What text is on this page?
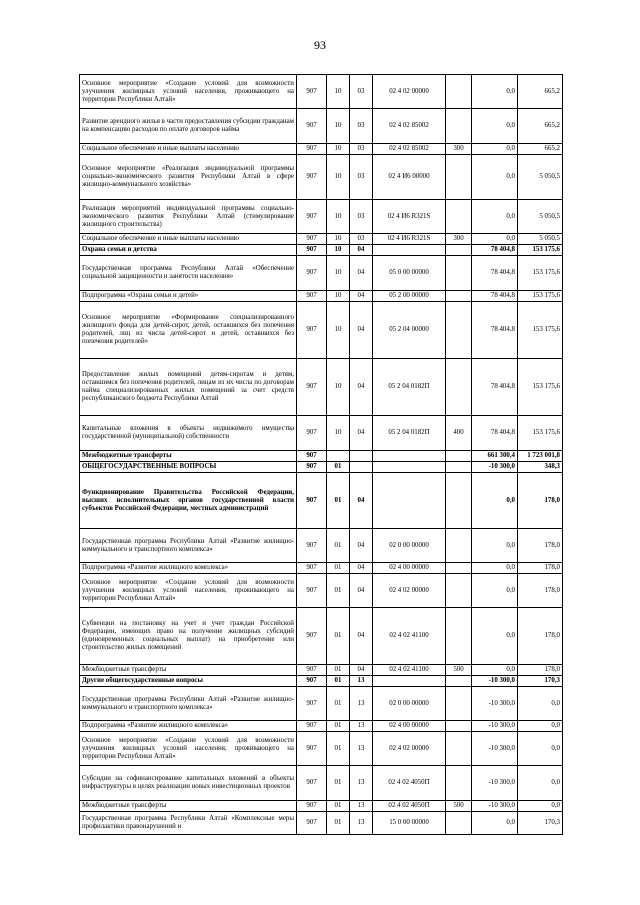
93
Основное мероприятие «Создание условий для возможности улучшения жилищных условий населения, проживающего на территории Республики Алтай»	907	10	03	02 4 02 00000		0,0	665,2
Развитие арендного жилья в части предоставления субсидии гражданам на компенсацию расходов по оплате договоров найма	907	10	03	02 4 02 85002		0,0	665,2
Социальное обеспечение и иные выплаты населению	907	10	03	02 4 02 85002	300	0,0	665,2
Основное мероприятие «Реализация индивидуальной программы социально-экономического развития Республики Алтай в сфере жилищно-коммунального хозяйства»	907	10	03	02 4 И6 00000		0,0	5 050,5
Реализация мероприятий индивидуальной программы социально-экономического развития Республики Алтай (стимулирование жилищного строительства)	907	10	03	02 4 И6 R321S		0,0	5 050,5
Социальное обеспечение и иные выплаты населению	907	10	03	02 4 И6 R321S	300	0,0	5 050,5
Охрана семьи и детства	907	10	04			78 404,8	153 175,6
Государственная программа Республики Алтай «Обеспечение социальной защищенности и занятости населения»	907	10	04	05 0 00 00000		78 404,8	153 175,6
Подпрограмма «Охрана семьи и детей»	907	10	04	05 2 00 00000		78 404,8	153 175,6
Основное мероприятие «Формирование специализированного жилищного фонда для детей-сирот, детей, оставшихся без попечения родителей, лиц из числа детей-сирот и детей, оставшихся без попечения родителей»	907	10	04	05 2 04 00000		78 404,8	153 175,6
Предоставление жилых помещений детям-сиротам и детям, оставшимся без попечения родителей, лицам из их числа по договорам найма специализированных жилых помещений за счет средств республиканского бюджета Республики Алтай	907	10	04	05 2 04 0182П		78 404,8	153 175,6
Капитальные вложения в объекты недвижимого имущества государственной (муниципальной) собственности	907	10	04	05 2 04 0182П	400	78 404,8	153 175,6
Межбюджетные трансферты	907					661 300,4	1 723 001,8
ОБЩЕГОСУДАРСТВЕННЫЕ ВОПРОСЫ	907	01				-10 300,0	348,3
Функционирование Правительства Российской Федерации, высших исполнительных органов государственной власти субъектов Российской Федерации, местных администраций	907	01	04			0,0	178,0
Государственная программа Республики Алтай «Развитие жилищно-коммунального и транспортного комплекса»	907	01	04	02 0 00 00000		0,0	178,0
Подпрограмма «Развитие жилищного комплекса»	907	01	04	02 4 00 00000		0,0	178,0
Основное мероприятие «Создание условий для возможности улучшения жилищных условий населения, проживающего на территории Республики Алтай»	907	01	04	02 4 02 00000		0,0	178,0
Субвенции на постановку на учет и учет граждан Российской Федерации, имеющих право на получение жилищных субсидий (единовременных социальных выплат) на приобретение или строительство жилых помещений	907	01	04	02 4 02 41100		0,0	178,0
Межбюджетные трансферты	907	01	04	02 4 02 41100	500	0,0	178,0
Другие общегосударственные вопросы	907	01	13			-10 300,0	170,3
Государственная программа Республики Алтай «Развитие жилищно-коммунального и транспортного комплекса»	907	01	13	02 0 00 00000		-10 300,0	0,0
Подпрограмма «Развитие жилищного комплекса»	907	01	13	02 4 00 00000		-10 300,0	0,0
Основное мероприятие «Создание условий для возможности улучшения жилищных условий населения, проживающего на территории Республики Алтай»	907	01	13	02 4 02 00000		-10 300,0	0,0
Субсидии на софинансирование капитальных вложений в объекты инфраструктуры в целях реализации новых инвестиционных проектов	907	01	13	02 4 02 4050П		-10 300,0	0,0
Межбюджетные трансферты	907	01	13	02 4 02 4050П	500	-10 300,0	0,0
Государственная программа Республики Алтай «Комплексные меры профилактики правонарушений и	907	01	13	15 0 00 00000		0,0	170,3
